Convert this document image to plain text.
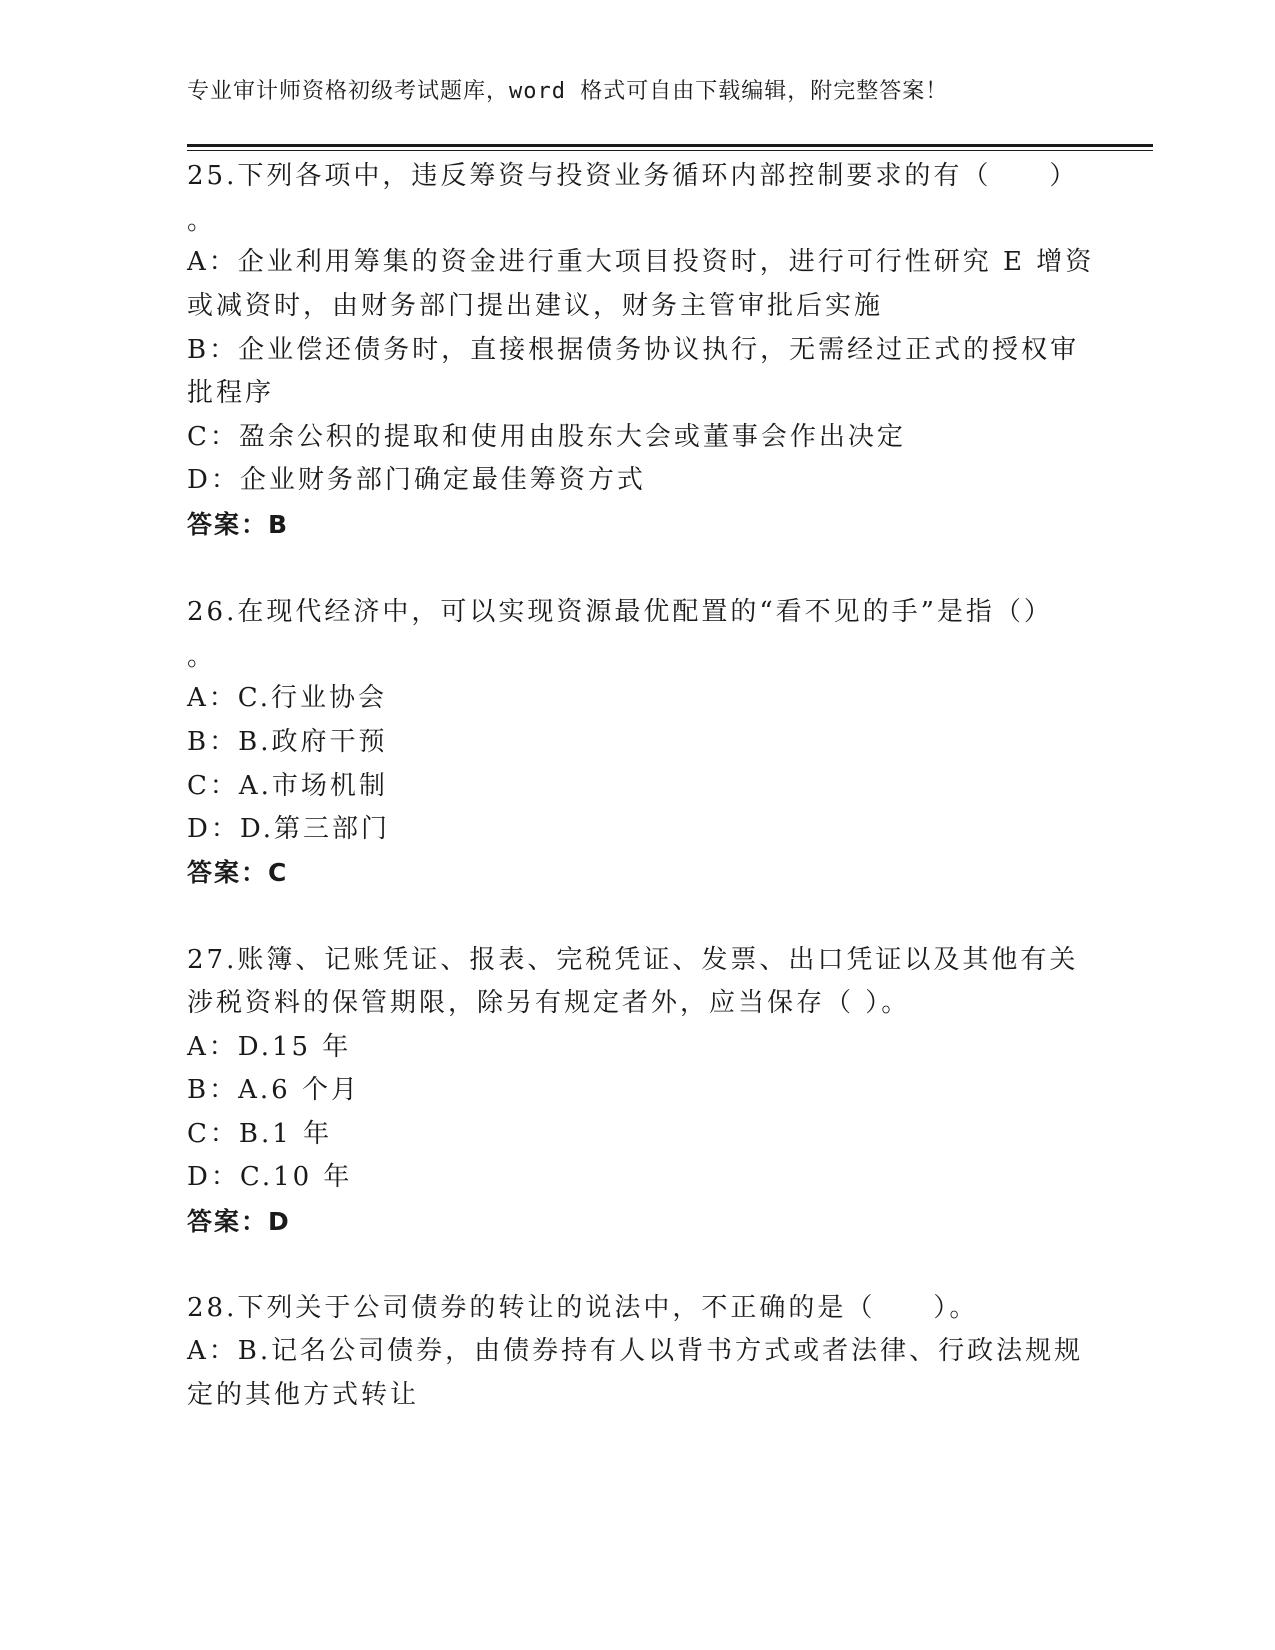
专业审计师资格初级考试题库，word 格式可自由下载编辑，附完整答案！
25.下列各项中，违反筹资与投资业务循环内部控制要求的有（　　）
。
A：企业利用筹集的资金进行重大项目投资时，进行可行性研究 E 增资
或减资时，由财务部门提出建议，财务主管审批后实施
B：企业偿还债务时，直接根据债务协议执行，无需经过正式的授权审
批程序
C：盈余公积的提取和使用由股东大会或董事会作出决定
D：企业财务部门确定最佳筹资方式
答案：B
26.在现代经济中，可以实现资源最优配置的“看不见的手”是指（）
。
A：C.行业协会
B：B.政府干预
C：A.市场机制
D：D.第三部门
答案：C
27.账簿、记账凭证、报表、完税凭证、发票、出口凭证以及其他有关
涉税资料的保管期限，除另有规定者外，应当保存（ ）。
A：D.15 年
B：A.6 个月
C：B.1 年
D：C.10 年
答案：D
28.下列关于公司债券的转让的说法中，不正确的是（　　）。
A：B.记名公司债券，由债券持有人以背书方式或者法律、行政法规规
定的其他方式转让
